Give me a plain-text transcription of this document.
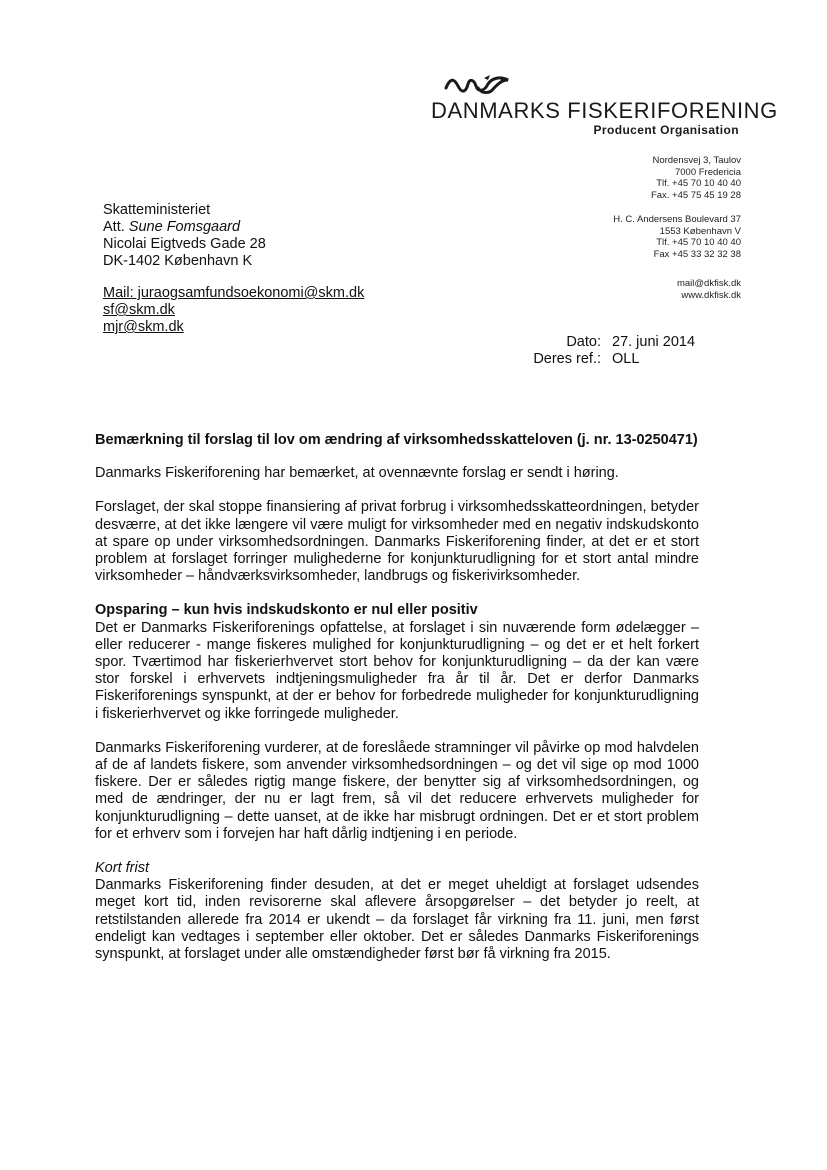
DANMARKS FISKERIFORENING
Producent Organisation
Nordensvej 3, Taulov
7000 Fredericia
Tlf. +45 70 10 40 40
Fax. +45 75 45 19 28
H. C. Andersens Boulevard 37
1553 København V
Tlf. +45 70 10 40 40
Fax +45 33 32 32 38
mail@dkfisk.dk
www.dkfisk.dk
Skatteministeriet
Att. Sune Fomsgaard
Nicolai Eigtveds Gade 28
DK-1402 København K
Mail: juraogsamfundsoekonomi@skm.dk
sf@skm.dk
mjr@skm.dk
Dato: 27. juni 2014
Deres ref.: OLL
Bemærkning til forslag til lov om ændring af virksomhedsskatteloven (j. nr. 13-0250471)

Danmarks Fiskeriforening har bemærket, at ovennævnte forslag er sendt i høring.

Forslaget, der skal stoppe finansiering af privat forbrug i virksomhedsskatteordningen, betyder desværre, at det ikke længere vil være muligt for virksomheder med en negativ indskudskonto at spare op under virksomhedsordningen. Danmarks Fiskeriforening finder, at det er et stort problem at forslaget forringer mulighederne for konjunkturudligning for et stort antal mindre virksomheder – håndværksvirksomheder, landbrugs og fiskerivirksomheder.

Opsparing – kun hvis indskudskonto er nul eller positiv

Det er Danmarks Fiskeriforenings opfattelse, at forslaget i sin nuværende form ødelægger – eller reducerer - mange fiskeres mulighed for konjunkturudligning – og det er et helt forkert spor. Tværtimod har fiskerierhvervet stort behov for konjunkturudligning – da der kan være stor forskel i erhvervets indtjeningsmuligheder fra år til år. Det er derfor Danmarks Fiskeriforenings synspunkt, at der er behov for forbedrede muligheder for konjunkturudligning i fiskerierhvervet og ikke forringede muligheder.

Danmarks Fiskeriforening vurderer, at de foreslåede stramninger vil påvirke op mod halvdelen af de af landets fiskere, som anvender virksomhedsordningen – og det vil sige op mod 1000 fiskere. Der er således rigtig mange fiskere, der benytter sig af virksomhedsordningen, og med de ændringer, der nu er lagt frem, så vil det reducere erhvervets muligheder for konjunkturudligning – dette uanset, at de ikke har misbrugt ordningen. Det er et stort problem for et erhverv som i forvejen har haft dårlig indtjening i en periode.

Kort frist

Danmarks Fiskeriforening finder desuden, at det er meget uheldigt at forslaget udsendes meget kort tid, inden revisorerne skal aflevere årsopgørelser – det betyder jo reelt, at retstilstanden allerede fra 2014 er ukendt – da forslaget får virkning fra 11. juni, men først endeligt kan vedtages i september eller oktober. Det er således Danmarks Fiskeriforenings synspunkt, at forslaget under alle omstændigheder først bør få virkning fra 2015.
